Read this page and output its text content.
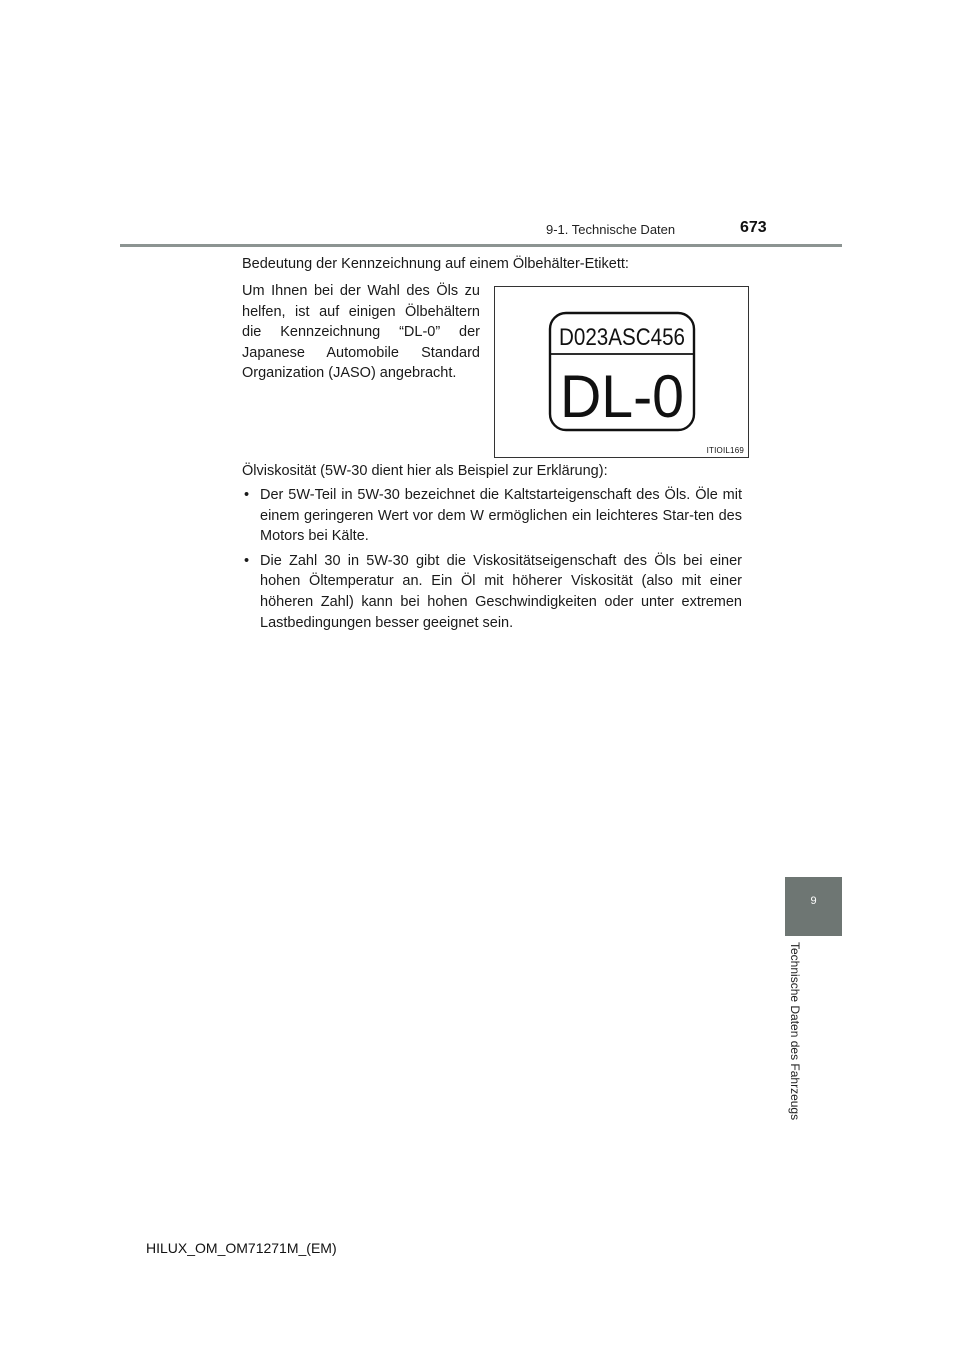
9-1. Technische Daten	673
Bedeutung der Kennzeichnung auf einem Ölbehälter-Etikett:
Um Ihnen bei der Wahl des Öls zu helfen, ist auf einigen Ölbehältern die Kennzeichnung “DL-0” der Japanese Automobile Standard Organization (JASO) angebracht.
D023ASC456
DL-0
ITIOIL169
Ölviskosität (5W-30 dient hier als Beispiel zur Erklärung):
• Der 5W-Teil in 5W-30 bezeichnet die Kaltstarteigenschaft des Öls. Öle mit einem geringeren Wert vor dem W ermöglichen ein leichteres Star-ten des Motors bei Kälte.
• Die Zahl 30 in 5W-30 gibt die Viskositätseigenschaft des Öls bei einer hohen Öltemperatur an. Ein Öl mit höherer Viskosität (also mit einer höheren Zahl) kann bei hohen Geschwindigkeiten oder unter extremen Lastbedingungen besser geeignet sein.
9
Technische Daten des Fahrzeugs
HILUX_OM_OM71271M_(EM)
